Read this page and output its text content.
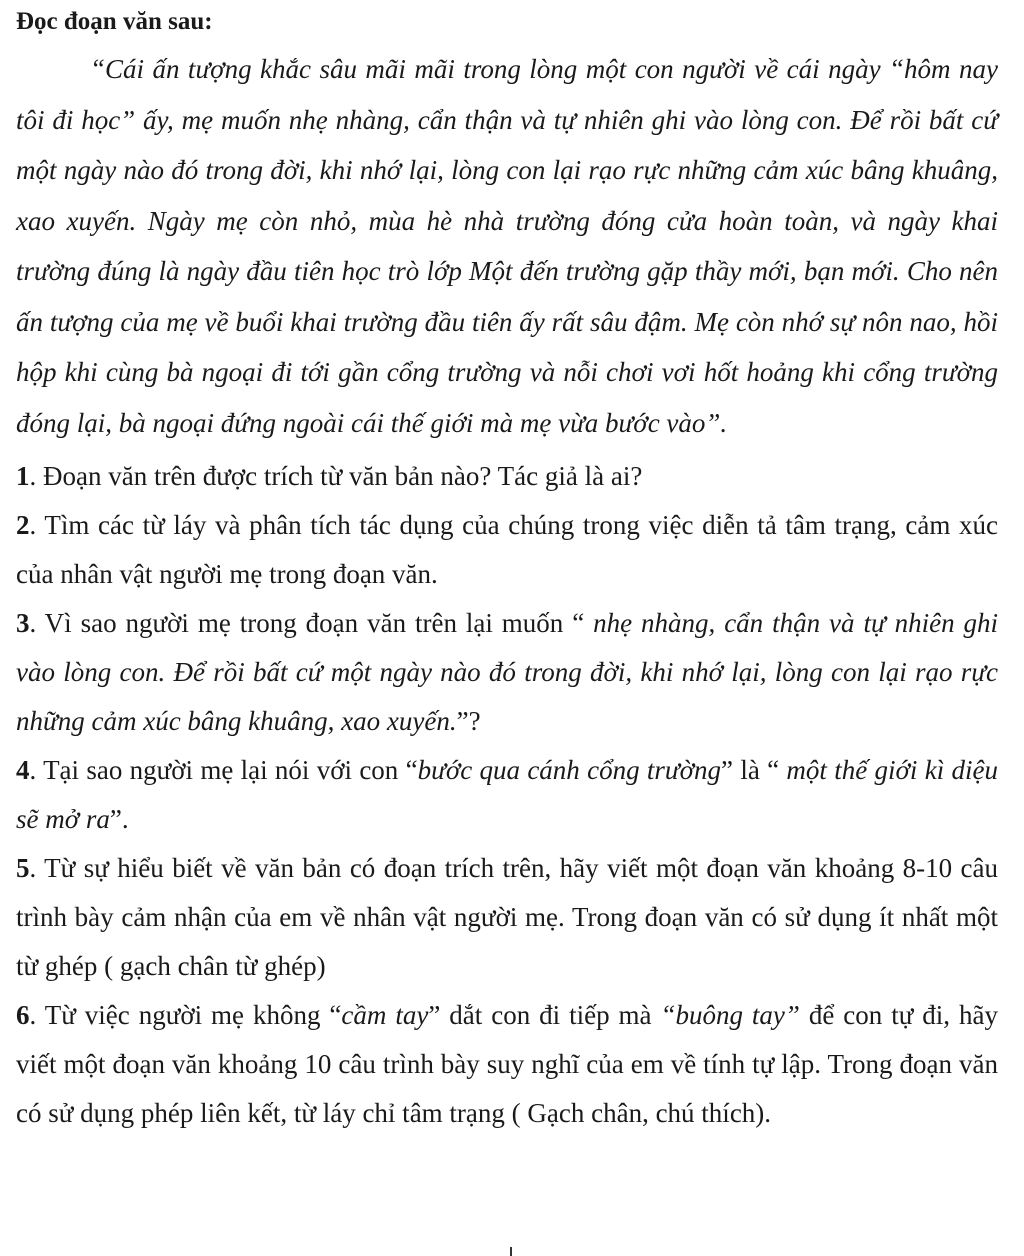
Đọc đoạn văn sau:

“Cái ấn tượng khắc sâu mãi mãi trong lòng một con người về cái ngày “hôm nay tôi đi học” ấy, mẹ muốn nhẹ nhàng, cẩn thận và tự nhiên ghi vào lòng con. Để rồi bất cứ một ngày nào đó trong đời, khi nhớ lại, lòng con lại rạo rực những cảm xúc bâng khuâng, xao xuyến. Ngày mẹ còn nhỏ, mùa hè nhà trường đóng cửa hoàn toàn, và ngày khai trường đúng là ngày đầu tiên học trò lớp Một đến trường gặp thầy mới, bạn mới. Cho nên ấn tượng của mẹ về buổi khai trường đầu tiên ấy rất sâu đậm. Mẹ còn nhớ sự nôn nao, hồi hộp khi cùng bà ngoại đi tới gần cổng trường và nỗi chơi vơi hốt hoảng khi cổng trường đóng lại, bà ngoại đứng ngoài cái thế giới mà mẹ vừa bước vào”.

1. Đoạn văn trên được trích từ văn bản nào? Tác giả là ai?

2. Tìm các từ láy và phân tích tác dụng của chúng trong việc diễn tả tâm trạng, cảm xúc của nhân vật người mẹ trong đoạn văn.

3. Vì sao người mẹ trong đoạn văn trên lại muốn “ nhẹ nhàng, cẩn thận và tự nhiên ghi vào lòng con. Để rồi bất cứ một ngày nào đó trong đời, khi nhớ lại, lòng con lại rạo rực những cảm xúc bâng khuâng, xao xuyến.”?

4. Tại sao người mẹ lại nói với con “bước qua cánh cổng trường” là “ một thế giới kì diệu sẽ mở ra”.

5. Từ sự hiểu biết về văn bản có đoạn trích trên, hãy viết một đoạn văn khoảng 8-10 câu trình bày cảm nhận của em về nhân vật người mẹ. Trong đoạn văn có sử dụng ít nhất một từ ghép ( gạch chân từ ghép)

6. Từ việc người mẹ không “cầm tay” dắt con đi tiếp mà “buông tay” để con tự đi, hãy viết một đoạn văn khoảng 10 câu trình bày suy nghĩ của em về tính tự lập. Trong đoạn văn có sử dụng phép liên kết, từ láy chỉ tâm trạng ( Gạch chân, chú thích).
